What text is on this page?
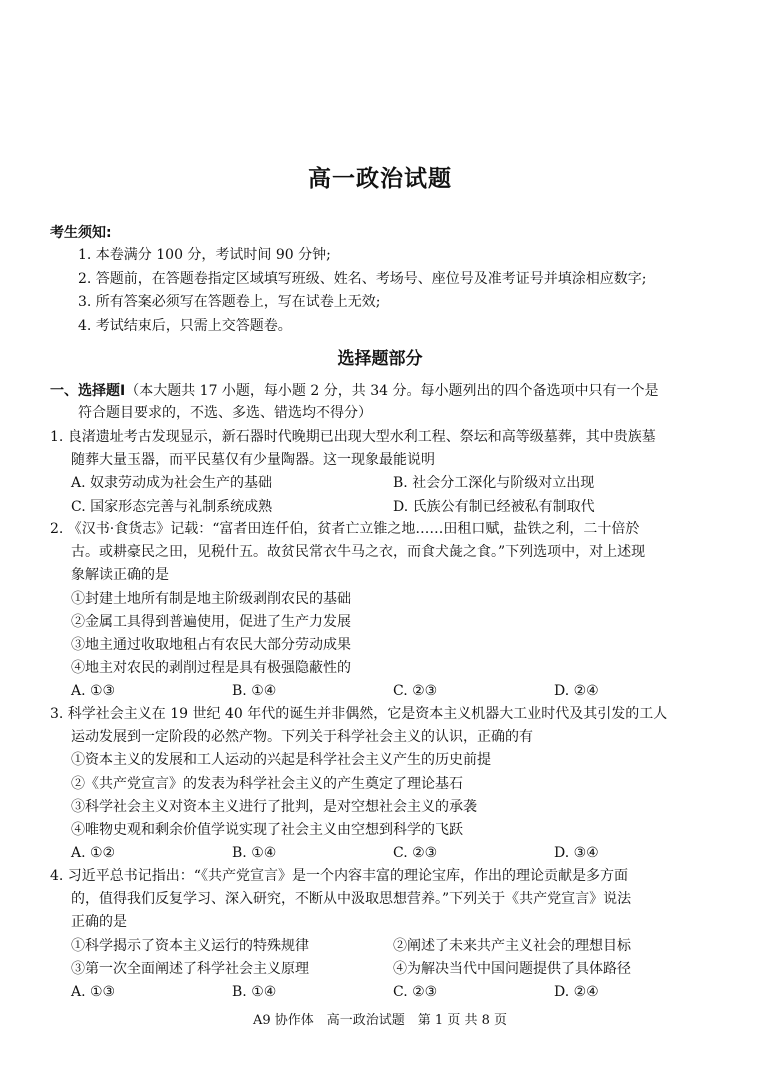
高一政治试题
考生须知:
1. 本卷满分 100 分，考试时间 90 分钟;
2. 答题前，在答题卷指定区域填写班级、姓名、考场号、座位号及准考证号并填涂相应数字;
3. 所有答案必须写在答题卷上，写在试卷上无效;
4. 考试结束后，只需上交答题卷。
选择题部分
一、选择题Ⅰ（本大题共 17 小题，每小题 2 分，共 34 分。每小题列出的四个备选项中只有一个是
符合题目要求的，不选、多选、错选均不得分）
1. 良渚遗址考古发现显示，新石器时代晚期已出现大型水利工程、祭坛和高等级墓葬，其中贵族墓
随葬大量玉器，而平民墓仅有少量陶器。这一现象最能说明
A. 奴隶劳动成为社会生产的基础	B. 社会分工深化与阶级对立出现
C. 国家形态完善与礼制系统成熟	D. 氏族公有制已经被私有制取代
2. 《汉书·食货志》记载：“富者田连仟伯，贫者亡立锥之地……田租口赋，盐铁之利，二十倍於
古。或耕豪民之田，见税什五。故贫民常衣牛马之衣，而食犬彘之食。”下列选项中，对上述现
象解读正确的是
①封建土地所有制是地主阶级剥削农民的基础
②金属工具得到普遍使用，促进了生产力发展
③地主通过收取地租占有农民大部分劳动成果
④地主对农民的剥削过程是具有极强隐蔽性的
A. ①③	B. ①④	C. ②③	D. ②④
3. 科学社会主义在 19 世纪 40 年代的诞生并非偶然，它是资本主义机器大工业时代及其引发的工人
运动发展到一定阶段的必然产物。下列关于科学社会主义的认识，正确的有
①资本主义的发展和工人运动的兴起是科学社会主义产生的历史前提
②《共产党宣言》的发表为科学社会主义的产生奠定了理论基石
③科学社会主义对资本主义进行了批判，是对空想社会主义的承袭
④唯物史观和剩余价值学说实现了社会主义由空想到科学的飞跃
A. ①②	B. ①④	C. ②③	D. ③④
4. 习近平总书记指出：“《共产党宣言》是一个内容丰富的理论宝库，作出的理论贡献是多方面
的，值得我们反复学习、深入研究，不断从中汲取思想营养。”下列关于《共产党宣言》说法
正确的是
①科学揭示了资本主义运行的特殊规律	②阐述了未来共产主义社会的理想目标
③第一次全面阐述了科学社会主义原理	④为解决当代中国问题提供了具体路径
A. ①③	B. ①④	C. ②③	D. ②④
A9 协作体　高一政治试题　第 1 页 共 8 页
